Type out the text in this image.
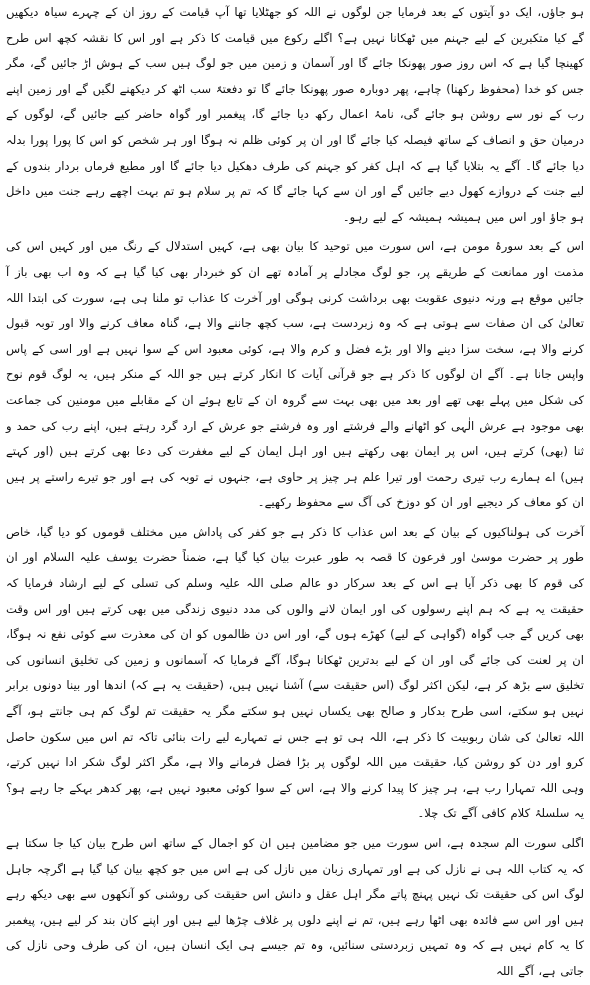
ہو جاؤں، ایک دو آیتوں کے بعد فرمایا جن لوگوں نے اللہ کو جھٹلایا تھا آپ قیامت کے روز ان کے چہرے سیاہ دیکھیں گے کیا متکبرین کے لیے جہنم میں ٹھکانا نہیں ہے؟ اگلے رکوع میں قیامت کا ذکر ہے اور اس کا نقشہ کچھ اس طرح کھینچا گیا ہے کہ اس روز صور پھونکا جائے گا اور آسمان و زمین میں جو لوگ ہیں سب کے ہوش اڑ جائیں گے، مگر جس کو خدا (محفوظ رکھنا) چاہے، پھر دوبارہ صور پھونکا جائے گا تو دفعتہً سب اٹھ کر دیکھنے لگیں گے اور زمین اپنے رب کے نور سے روشن ہو جائے گی، نامۂ اعمال رکھ دیا جائے گا، پیغمبر اور گواہ حاضر کیے جائیں گے، لوگوں کے درمیان حق و انصاف کے ساتھ فیصلہ کیا جائے گا اور ان پر کوئی ظلم نہ ہوگا اور ہر شخص کو اس کا پورا پورا بدلہ دیا جائے گا۔ آگے یہ بتلایا گیا ہے کہ اہل کفر کو جہنم کی طرف دھکیل دیا جائے گا اور مطیع فرماں بردار بندوں کے لیے جنت کے دروازے کھول دیے جائیں گے اور ان سے کہا جائے گا کہ تم پر سلام ہو تم بہت اچھے رہے جنت میں داخل ہو جاؤ اور اس میں ہمیشہ ہمیشہ کے لیے رہو۔

اس کے بعد سورۂ مومن ہے، اس سورت میں توحید کا بیان بھی ہے، کہیں استدلال کے رنگ میں اور کہیں اس کی مذمت اور ممانعت کے طریقے پر، جو لوگ مجادلے پر آمادہ تھے ان کو خبردار بھی کیا گیا ہے کہ وہ اب بھی باز آ جائیں موقع ہے ورنہ دنیوی عقوبت بھی برداشت کرنی ہوگی اور آخرت کا عذاب تو ملنا ہی ہے، سورت کی ابتدا اللہ تعالیٰ کی ان صفات سے ہوتی ہے کہ وہ زبردست ہے، سب کچھ جاننے والا ہے، گناہ معاف کرنے والا اور توبہ قبول کرنے والا ہے، سخت سزا دینے والا اور بڑے فضل و کرم والا ہے، کوئی معبود اس کے سوا نہیں ہے اور اسی کے پاس واپس جانا ہے۔ آگے ان لوگوں کا ذکر ہے جو قرآنی آیات کا انکار کرتے ہیں جو اللہ کے منکر ہیں، یہ لوگ قوم نوح کی شکل میں پہلے بھی تھے اور بعد میں بھی بہت سے گروہ ان کے تابع ہوئے ان کے مقابلے میں مومنین کی جماعت بھی موجود ہے عرش الٰہی کو اٹھانے والے فرشتے اور وہ فرشتے جو عرش کے ارد گرد رہتے ہیں، اپنے رب کی حمد و ثنا (بھی) کرتے ہیں، اس پر ایمان بھی رکھتے ہیں اور اہل ایمان کے لیے مغفرت کی دعا بھی کرتے ہیں (اور کہتے ہیں) اے ہمارے رب تیری رحمت اور تیرا علم ہر چیز پر حاوی ہے، جنہوں نے توبہ کی ہے اور جو تیرے راستے پر ہیں ان کو معاف کر دیجیے اور ان کو دوزخ کی آگ سے محفوظ رکھیے۔

آخرت کی ہولناکیوں کے بیان کے بعد اس عذاب کا ذکر ہے جو کفر کی پاداش میں مختلف قوموں کو دیا گیا، خاص طور پر حضرت موسیٰ اور فرعون کا قصہ بہ طور عبرت بیان کیا گیا ہے، ضمناً حضرت یوسف علیہ السلام اور ان کی قوم کا بھی ذکر آیا ہے اس کے بعد سرکار دو عالم صلی اللہ علیہ وسلم کی تسلی کے لیے ارشاد فرمایا کہ حقیقت یہ ہے کہ ہم اپنے رسولوں کی اور ایمان لانے والوں کی مدد دنیوی زندگی میں بھی کرتے ہیں اور اس وقت بھی کریں گے جب گواہ (گواہی کے لیے) کھڑے ہوں گے، اور اس دن ظالموں کو ان کی معذرت سے کوئی نفع نہ ہوگا، ان پر لعنت کی جائے گی اور ان کے لیے بدترین ٹھکانا ہوگا، آگے فرمایا کہ آسمانوں و زمین کی تخلیق انسانوں کی تخلیق سے بڑھ کر ہے، لیکن اکثر لوگ (اس حقیقت سے) آشنا نہیں ہیں، (حقیقت یہ ہے کہ) اندھا اور بینا دونوں برابر نہیں ہو سکتے، اسی طرح بدکار و صالح بھی یکساں نہیں ہو سکتے مگر یہ حقیقت تم لوگ کم ہی جانتے ہو، آگے اللہ تعالیٰ کی شان ربوبیت کا ذکر ہے، اللہ ہی تو ہے جس نے تمہارے لیے رات بنائی تاکہ تم اس میں سکون حاصل کرو اور دن کو روشن کیا، حقیقت میں اللہ لوگوں پر بڑا فضل فرمانے والا ہے، مگر اکثر لوگ شکر ادا نہیں کرتے، وہی اللہ تمہارا رب ہے، ہر چیز کا پیدا کرنے والا ہے، اس کے سوا کوئی معبود نہیں ہے، پھر کدھر بہکے جا رہے ہو؟ یہ سلسلۂ کلام کافی آگے تک چلا۔

اگلی سورت الم سجدہ ہے، اس سورت میں جو مضامین ہیں ان کو اجمال کے ساتھ اس طرح بیان کیا جا سکتا ہے کہ یہ کتاب اللہ ہی نے نازل کی ہے اور تمہاری زبان میں نازل کی ہے اس میں جو کچھ بیان کیا گیا ہے اگرچہ جاہل لوگ اس کی حقیقت تک نہیں پہنچ پاتے مگر اہل عقل و دانش اس حقیقت کی روشنی کو آنکھوں سے بھی دیکھ رہے ہیں اور اس سے فائدہ بھی اٹھا رہے ہیں، تم نے اپنے دلوں پر غلاف چڑھا لیے ہیں اور اپنے کان بند کر لیے ہیں، پیغمبر کا یہ کام نہیں ہے کہ وہ تمہیں زبردستی سنائیں، وہ تم جیسے ہی ایک انسان ہیں، ان کی طرف وحی نازل کی جاتی ہے، آگے اللہ
